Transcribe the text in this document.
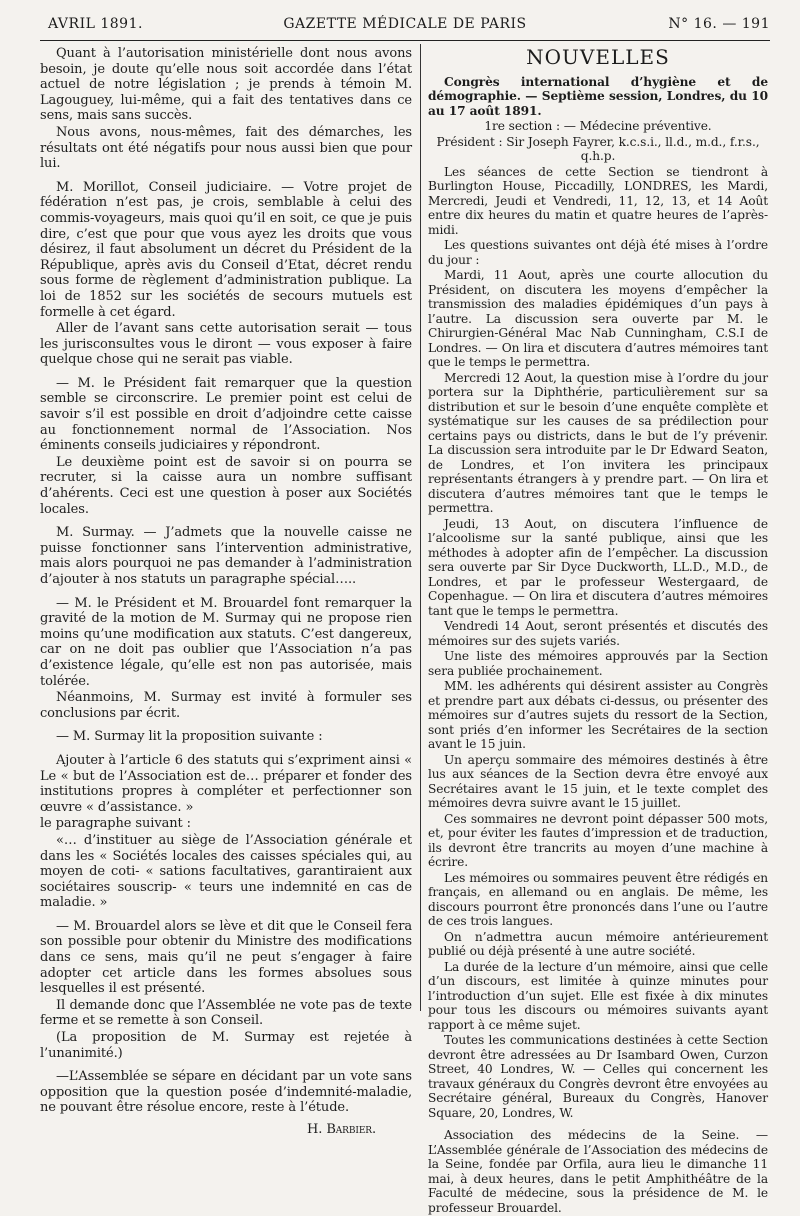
AVRIL 1891.	GAZETTE MÉDICALE DE PARIS	N° 16. — 191

Quant à l’autorisation ministérielle dont nous avons besoin, je doute qu’elle nous soit accordée dans l’état actuel de notre législation ; je prends à témoin M. Lagouguey, lui-même, qui a fait des tentatives dans ce sens, mais sans succès.

Nous avons, nous-mêmes, fait des démarches, les résultats ont été négatifs pour nous aussi bien que pour lui.

M. Morillot, Conseil judiciaire. — Votre projet de fédération n’est pas, je crois, semblable à celui des commis-voyageurs, mais quoi qu’il en soit, ce que je puis dire, c’est que pour que vous ayez les droits que vous désirez, il faut absolument un décret du Président de la République, après avis du Conseil d’Etat, décret rendu sous forme de règlement d’administration publique. La loi de 1852 sur les sociétés de secours mutuels est formelle à cet égard.

Aller de l’avant sans cette autorisation serait — tous les jurisconsultes vous le diront — vous exposer à faire quelque chose qui ne serait pas viable.

— M. le Président fait remarquer que la question semble se circonscrire. Le premier point est celui de savoir s’il est possible en droit d’adjoindre cette caisse au fonctionnement normal de l’Association. Nos éminents conseils judiciaires y répondront.

Le deuxième point est de savoir si on pourra se recruter, si la caisse aura un nombre suffisant d’ahérents. Ceci est une question à poser aux Sociétés locales.

M. Surmay. — J’admets que la nouvelle caisse ne puisse fonctionner sans l’intervention administrative, mais alors pourquoi ne pas demander à l’administration d’ajouter à nos statuts un paragraphe spécial…..

— M. le Président et M. Brouardel font remarquer la gravité de la motion de M. Surmay qui ne propose rien moins qu’une modification aux statuts. C’est dangereux, car on ne doit pas oublier que l’Association n’a pas d’existence légale, qu’elle est non pas autorisée, mais tolérée.

Néanmoins, M. Surmay est invité à formuler ses conclusions par écrit.

— M. Surmay lit la proposition suivante :

Ajouter à l’article 6 des statuts qui s’expriment ainsi « Le « but de l’Association est de… préparer et fonder des institutions propres à compléter et perfectionner son œuvre « d’assistance. »

le paragraphe suivant :

«… d’instituer au siège de l’Association générale et dans les « Sociétés locales des caisses spéciales qui, au moyen de coti- « sations facultatives, garantiraient aux sociétaires souscrip- « teurs une indemnité en cas de maladie. »

— M. Brouardel alors se lève et dit que le Conseil fera son possible pour obtenir du Ministre des modifications dans ce sens, mais qu’il ne peut s’engager à faire adopter cet article dans les formes absolues sous lesquelles il est présenté.

Il demande donc que l’Assemblée ne vote pas de texte ferme et se remette à son Conseil.

(La proposition de M. Surmay est rejetée à l’unanimité.)

—L’Assemblée se sépare en décidant par un vote sans opposition que la question posée d’indemnité-maladie, ne pouvant être résolue encore, reste à l’étude.

H. Barbier.
NOUVELLES

Congrès international d’hygiène et de démographie. — Septième session, Londres, du 10 au 17 août 1891.

1re section : — Médecine préventive.

Président : Sir Joseph Fayrer, k.c.s.i., ll.d., m.d., f.r.s., q.h.p.

Les séances de cette Section se tiendront à Burlington House, Piccadilly, LONDRES, les Mardi, Mercredi, Jeudi et Vendredi, 11, 12, 13, et 14 Août entre dix heures du matin et quatre heures de l’après-midi.

Les questions suivantes ont déjà été mises à l’ordre du jour :

Mardi, 11 Aout, après une courte allocution du Président, on discutera les moyens d’empêcher la transmission des maladies épidémiques d’un pays à l’autre. La discussion sera ouverte par M. le Chirurgien-Général Mac Nab Cunningham, C.S.I de Londres. — On lira et discutera d’autres mémoires tant que le temps le permettra.

Mercredi 12 Aout, la question mise à l’ordre du jour portera sur la Diphthérie, particulièrement sur sa distribution et sur le besoin d’une enquête complète et systématique sur les causes de sa prédilection pour certains pays ou districts, dans le but de l’y prévenir. La discussion sera introduite par le Dr Edward Seaton, de Londres, et l’on invitera les principaux représentants étrangers à y prendre part. — On lira et discutera d’autres mémoires tant que le temps le permettra.

Jeudi, 13 Aout, on discutera l’influence de l’alcoolisme sur la santé publique, ainsi que les méthodes à adopter afin de l’empêcher. La discussion sera ouverte par Sir Dyce Duckworth, LL.D., M.D., de Londres, et par le professeur Westergaard, de Copenhague. — On lira et discutera d’autres mémoires tant que le temps le permettra.

Vendredi 14 Aout, seront présentés et discutés des mémoires sur des sujets variés.

Une liste des mémoires approuvés par la Section sera publiée prochainement.

MM. les adhérents qui désirent assister au Congrès et prendre part aux débats ci-dessus, ou présenter des mémoires sur d’autres sujets du ressort de la Section, sont priés d’en informer les Secrétaires de la section avant le 15 juin.

Un aperçu sommaire des mémoires destinés à être lus aux séances de la Section devra être envoyé aux Secrétaires avant le 15 juin, et le texte complet des mémoires devra suivre avant le 15 juillet.

Ces sommaires ne devront point dépasser 500 mots, et, pour éviter les fautes d’impression et de traduction, ils devront être trancrits au moyen d’une machine à écrire.

Les mémoires ou sommaires peuvent être rédigés en français, en allemand ou en anglais. De même, les discours pourront être prononcés dans l’une ou l’autre de ces trois langues.

On n’admettra aucun mémoire antérieurement publié ou déjà présenté à une autre société.

La durée de la lecture d’un mémoire, ainsi que celle d’un discours, est limitée à quinze minutes pour l’introduction d’un sujet. Elle est fixée à dix minutes pour tous les discours ou mémoires suivants ayant rapport à ce même sujet.

Toutes les communications destinées à cette Section devront être adressées au Dr Isambard Owen, Curzon Street, 40 Londres, W. — Celles qui concernent les travaux généraux du Congrès devront être envoyées au Secrétaire général, Bureaux du Congrès, Hanover Square, 20, Londres, W.

Association des médecins de la Seine. — L’Assemblée générale de l’Association des médecins de la Seine, fondée par Orfila, aura lieu le dimanche 11 mai, à deux heures, dans le petit Amphithéâtre de la Faculté de médecine, sous la présidence de M. le professeur Brouardel.
